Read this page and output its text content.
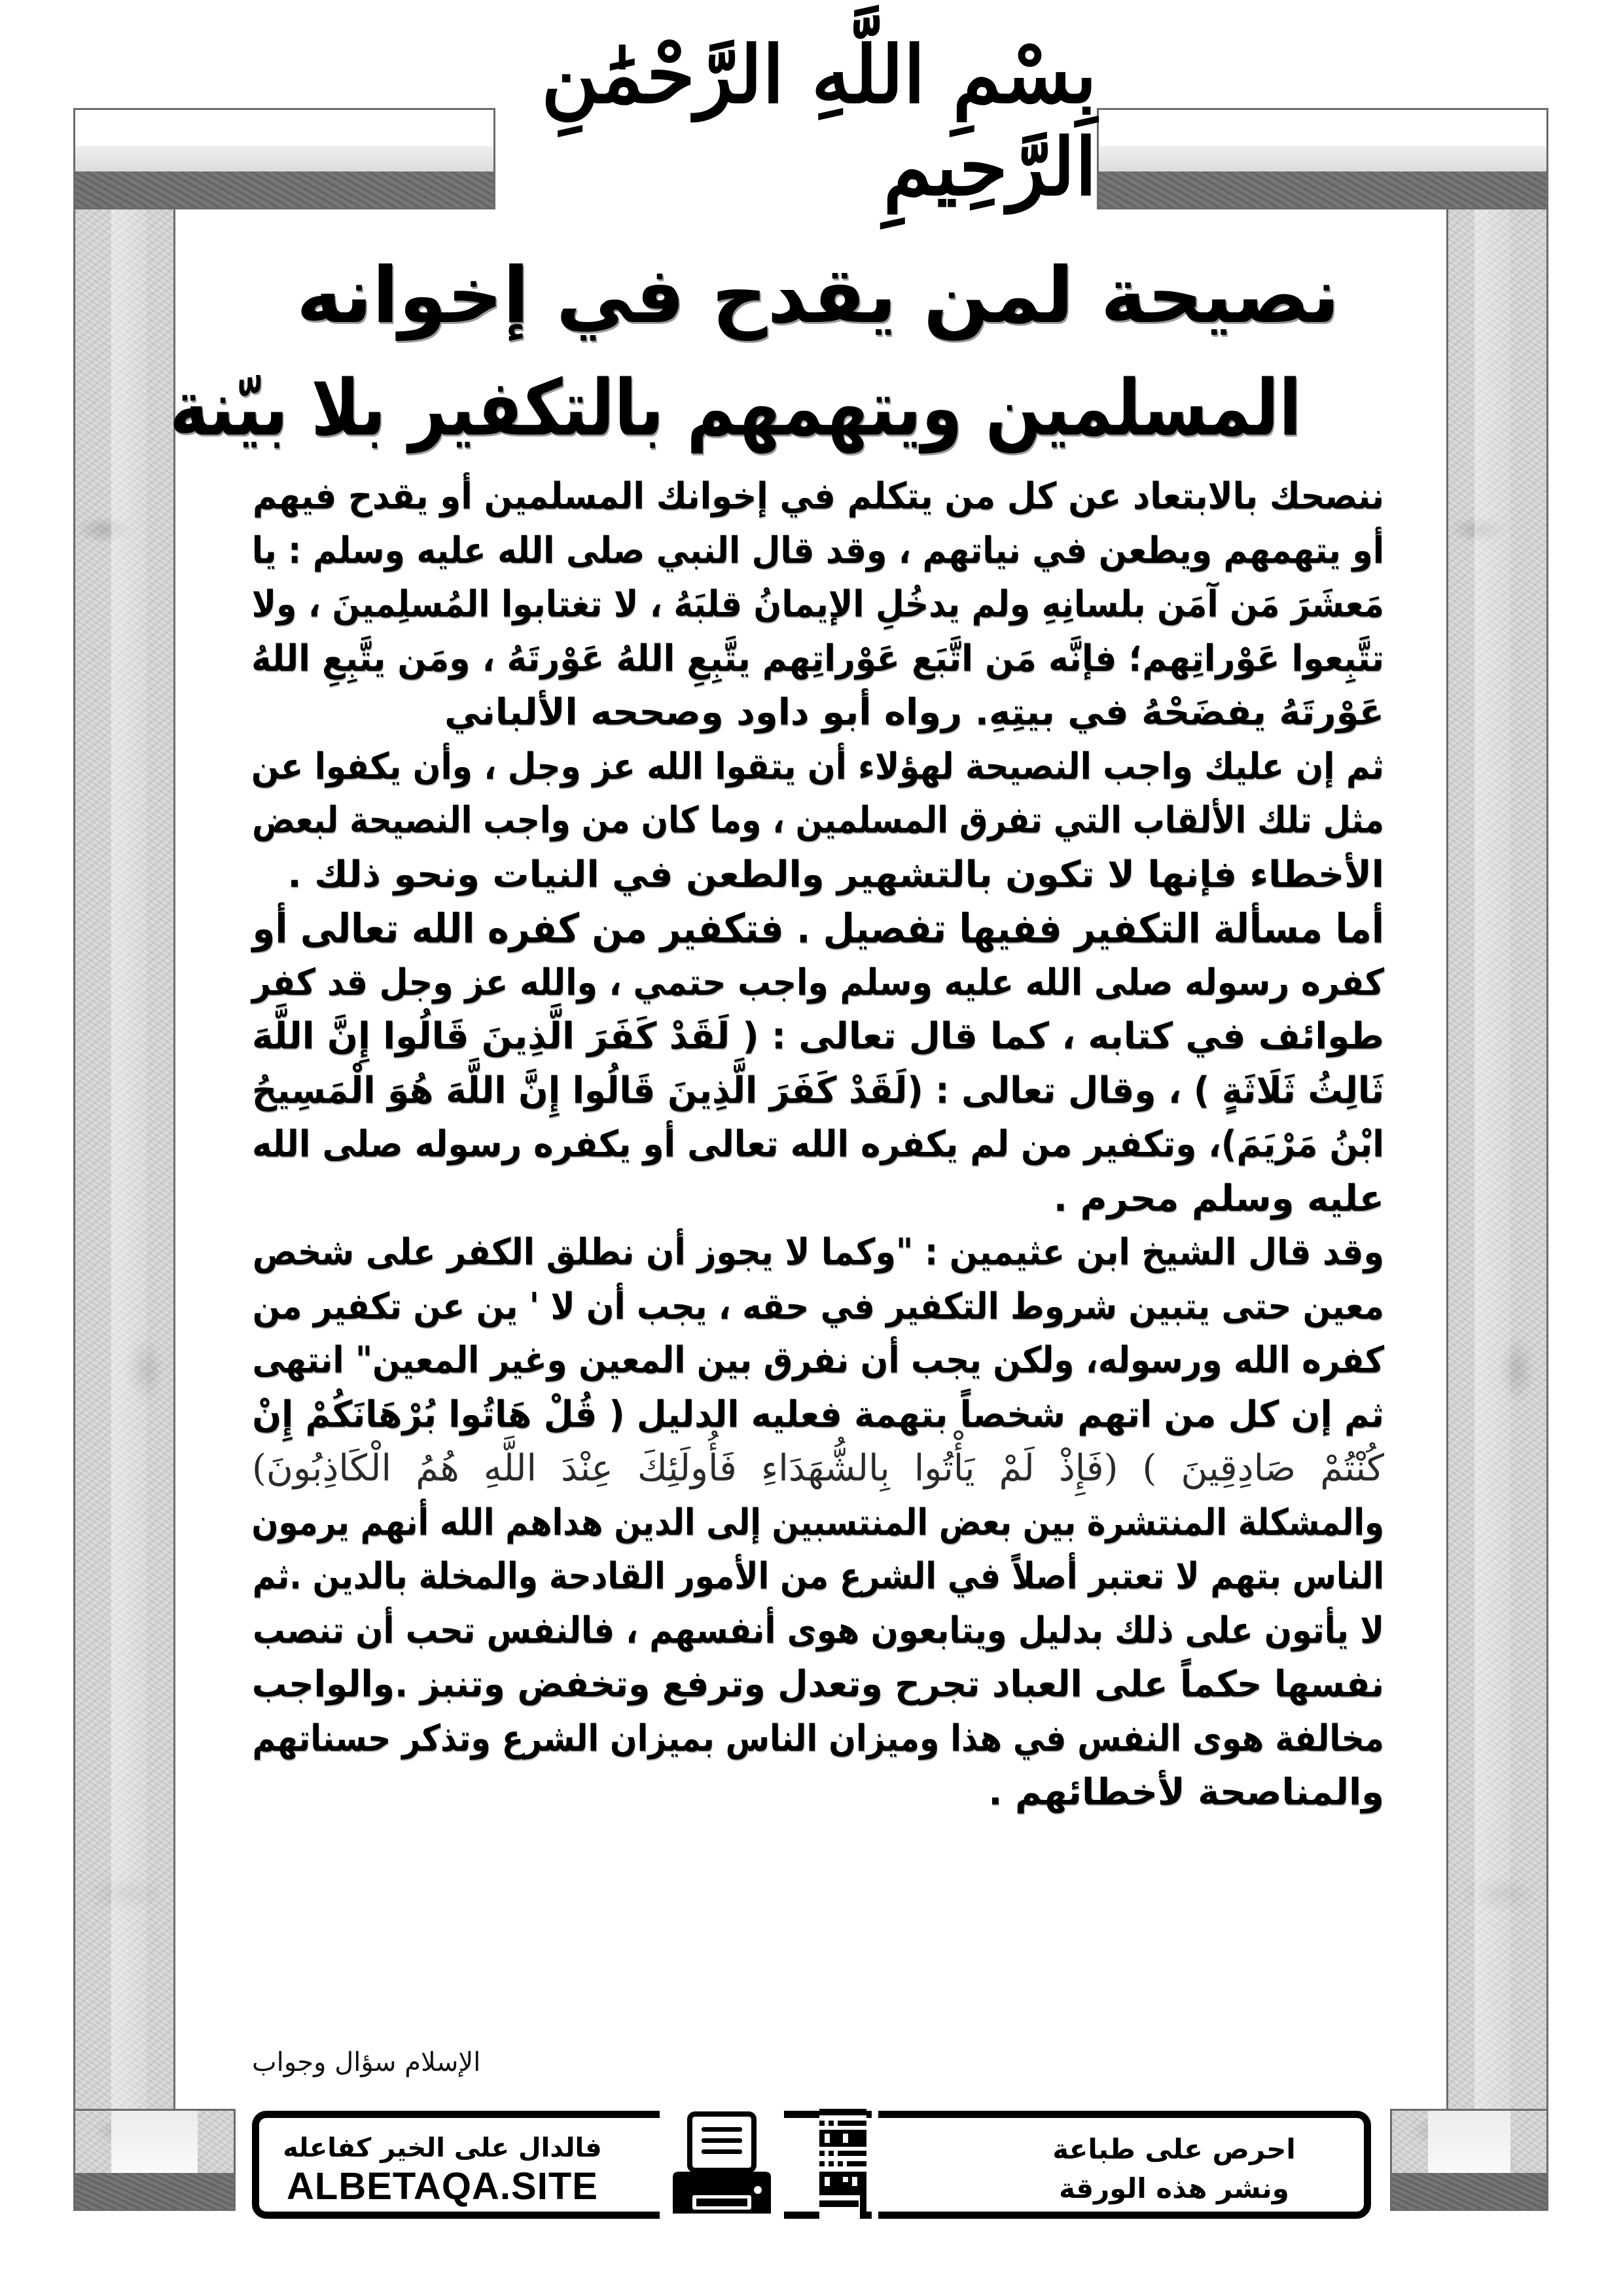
بِسْمِ اللَّهِ الرَّحْمَٰنِ الرَّحِيمِ
نصيحة لمن يقدح في إخوانه
المسلمين ويتهمهم بالتكفير بلا بيّنة
ننصحك بالابتعاد عن كل من يتكلم في إخوانك المسلمين أو يقدح فيهم
أو يتهمهم ويطعن في نياتهم ، وقد قال النبي صلى الله عليه وسلم : يا
مَعشَرَ مَن آمَن بلسانِهِ ولم يدخُلِ الإيمانُ قلبَهُ ، لا تغتابوا المُسلِمينَ ، ولا
تتَّبِعوا عَوْراتِهم؛ فإنَّه مَن اتَّبَع عَوْراتِهم يتَّبِعِ اللهُ عَوْرتَهُ ، ومَن يتَّبِعِ اللهُ
عَوْرتَهُ يفضَحْهُ في بيتِهِ. رواه أبو داود وصححه الألباني
ثم إن عليك واجب النصيحة لهؤلاء أن يتقوا الله عز وجل ، وأن يكفوا عن
مثل تلك الألقاب التي تفرق المسلمين ، وما كان من واجب النصيحة لبعض
الأخطاء فإنها لا تكون بالتشهير والطعن في النيات ونحو ذلك .
أما مسألة التكفير ففيها تفصيل . فتكفير من كفره الله تعالى أو
كفره رسوله صلى الله عليه وسلم واجب حتمي ، والله عز وجل قد كفر
طوائف في كتابه ، كما قال تعالى : ( لَقَدْ كَفَرَ الَّذِينَ قَالُوا إِنَّ اللَّهَ
ثَالِثُ ثَلَاثَةٍ ) ، وقال تعالى : (لَقَدْ كَفَرَ الَّذِينَ قَالُوا إِنَّ اللَّهَ هُوَ الْمَسِيحُ
ابْنُ مَرْيَمَ)، وتكفير من لم يكفره الله تعالى أو يكفره رسوله صلى الله
عليه وسلم محرم .
وقد قال الشيخ ابن عثيمين : "وكما لا يجوز أن نطلق الكفر على شخص
معين حتى يتبين شروط التكفير في حقه ، يجب أن لا ' ين عن تكفير من
كفره الله ورسوله، ولكن يجب أن نفرق بين المعين وغير المعين" انتهى
ثم إن كل من اتهم شخصاً بتهمة فعليه الدليل ( قُلْ هَاتُوا بُرْهَانَكُمْ إِنْ
كُنْتُمْ صَادِقِينَ ) (فَإِذْ لَمْ يَأْتُوا بِالشُّهَدَاءِ فَأُولَئِكَ عِنْدَ اللَّهِ هُمُ الْكَاذِبُونَ)
والمشكلة المنتشرة بين بعض المنتسبين إلى الدين هداهم الله أنهم يرمون
الناس بتهم لا تعتبر أصلاً في الشرع من الأمور القادحة والمخلة بالدين .ثم
لا يأتون على ذلك بدليل ويتابعون هوى أنفسهم ، فالنفس تحب أن تنصب
نفسها حكماً على العباد تجرح وتعدل وترفع وتخفض وتنبز .والواجب
مخالفة هوى النفس في هذا وميزان الناس بميزان الشرع وتذكر حسناتهم
والمناصحة لأخطائهم .
الإسلام سؤال وجواب
فالدال على الخير كفاعله
ALBETAQA.SITE
احرص على طباعة
ونشر هذه الورقة
